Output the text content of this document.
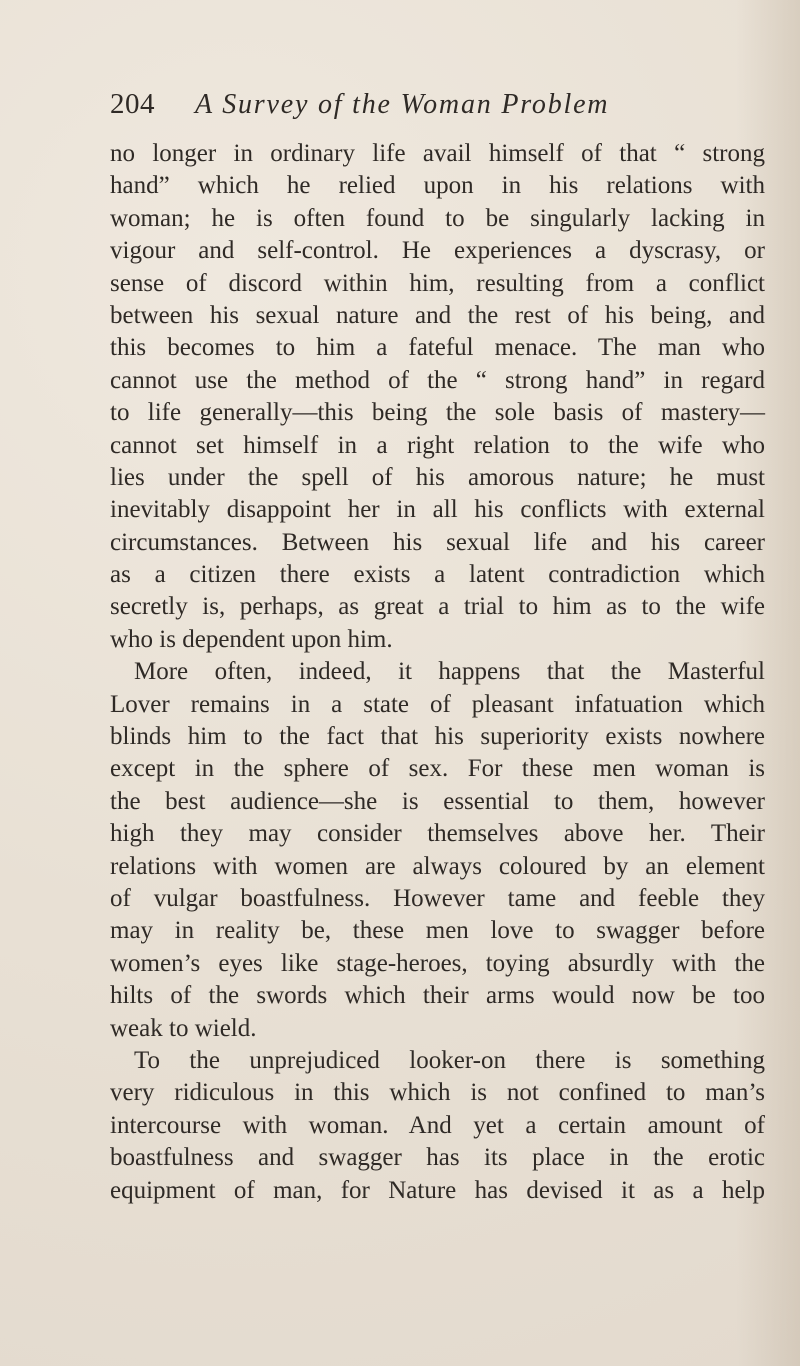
204 A Survey of the Woman Problem
no longer in ordinary life avail himself of that “ strong
hand” which he relied upon in his relations with
woman; he is often found to be singularly lacking in
vigour and self-control. He experiences a dyscrasy, or
sense of discord within him, resulting from a conflict
between his sexual nature and the rest of his being, and
this becomes to him a fateful menace. The man who
cannot use the method of the “ strong hand” in regard
to life generally—this being the sole basis of mastery—
cannot set himself in a right relation to the wife who
lies under the spell of his amorous nature; he must
inevitably disappoint her in all his conflicts with external
circumstances. Between his sexual life and his career
as a citizen there exists a latent contradiction which
secretly is, perhaps, as great a trial to him as to the wife
who is dependent upon him.
More often, indeed, it happens that the Masterful
Lover remains in a state of pleasant infatuation which
blinds him to the fact that his superiority exists nowhere
except in the sphere of sex. For these men woman is
the best audience—she is essential to them, however
high they may consider themselves above her. Their
relations with women are always coloured by an element
of vulgar boastfulness. However tame and feeble they
may in reality be, these men love to swagger before
women’s eyes like stage-heroes, toying absurdly with the
hilts of the swords which their arms would now be too
weak to wield.
To the unprejudiced looker-on there is something
very ridiculous in this which is not confined to man’s
intercourse with woman. And yet a certain amount of
boastfulness and swagger has its place in the erotic
equipment of man, for Nature has devised it as a help
